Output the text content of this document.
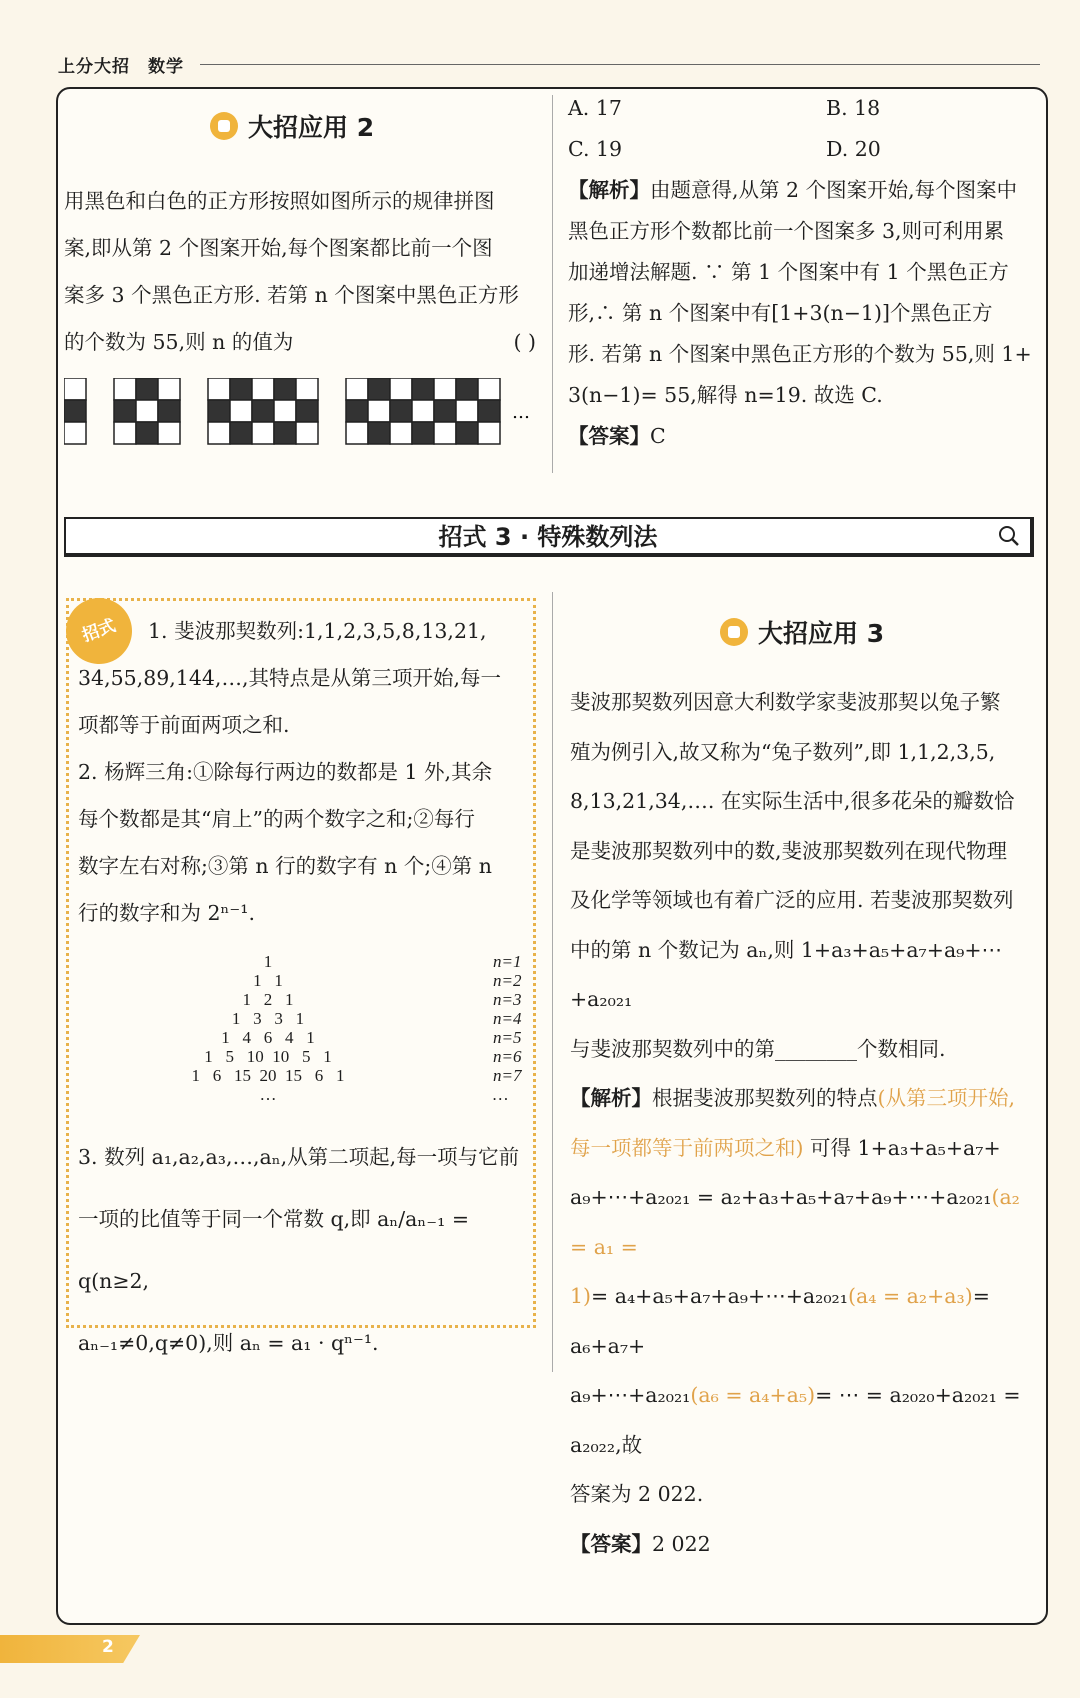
上分大招 数学
大招应用 2
用黑色和白色的正方形按照如图所示的规律拼图
案,即从第 2 个图案开始,每个图案都比前一个图
案多 3 个黑色正方形. 若第 n 个图案中黑色正方形
的个数为 55,则 n 的值为	( )
…
A. 17	B. 18
C. 19	D. 20
【解析】由题意得,从第 2 个图案开始,每个图案中
黑色正方形个数都比前一个图案多 3,则可利用累
加递增法解题. ∵ 第 1 个图案中有 1 个黑色正方
形,∴ 第 n 个图案中有[1+3(n−1)]个黑色正方
形. 若第 n 个图案中黑色正方形的个数为 55,则 1+
3(n−1)= 55,解得 n=19. 故选 C.
【答案】C
招式 3 · 特殊数列法
招式	1. 斐波那契数列:1,1,2,3,5,8,13,21,
34,55,89,144,…,其特点是从第三项开始,每一
项都等于前面两项之和.
2. 杨辉三角:①除每行两边的数都是 1 外,其余
每个数都是其“肩上”的两个数字之和;②每行
数字左右对称;③第 n 行的数字有 n 个;④第 n
行的数字和为 2ⁿ⁻¹.
1	n=1
1   1	n=2
1   2   1	n=3
1   3   3   1	n=4
1   4   6   4   1	n=5
1   5   10  10   5   1	n=6
1   6   15  20  15   6   1	n=7
…	…
3. 数列 a₁,a₂,a₃,…,aₙ,从第二项起,每一项与它前
一项的比值等于同一个常数 q,即 aₙ/aₙ₋₁ = q(n≥2,
aₙ₋₁≠0,q≠0),则 aₙ = a₁ · qⁿ⁻¹.
大招应用 3
斐波那契数列因意大利数学家斐波那契以兔子繁
殖为例引入,故又称为“兔子数列”,即 1,1,2,3,5,
8,13,21,34,…. 在实际生活中,很多花朵的瓣数恰
是斐波那契数列中的数,斐波那契数列在现代物理
及化学等领域也有着广泛的应用. 若斐波那契数列
中的第 n 个数记为 aₙ,则 1+a₃+a₅+a₇+a₉+⋯+a₂₀₂₁
与斐波那契数列中的第________个数相同.
【解析】根据斐波那契数列的特点(从第三项开始,
每一项都等于前两项之和) 可得 1+a₃+a₅+a₇+
a₉+⋯+a₂₀₂₁ = a₂+a₃+a₅+a₇+a₉+⋯+a₂₀₂₁(a₂ = a₁ =
1)= a₄+a₅+a₇+a₉+⋯+a₂₀₂₁(a₄ = a₂+a₃)= a₆+a₇+
a₉+⋯+a₂₀₂₁(a₆ = a₄+a₅)= ⋯ = a₂₀₂₀+a₂₀₂₁ = a₂₀₂₂,故
答案为 2 022.
【答案】2 022
2
